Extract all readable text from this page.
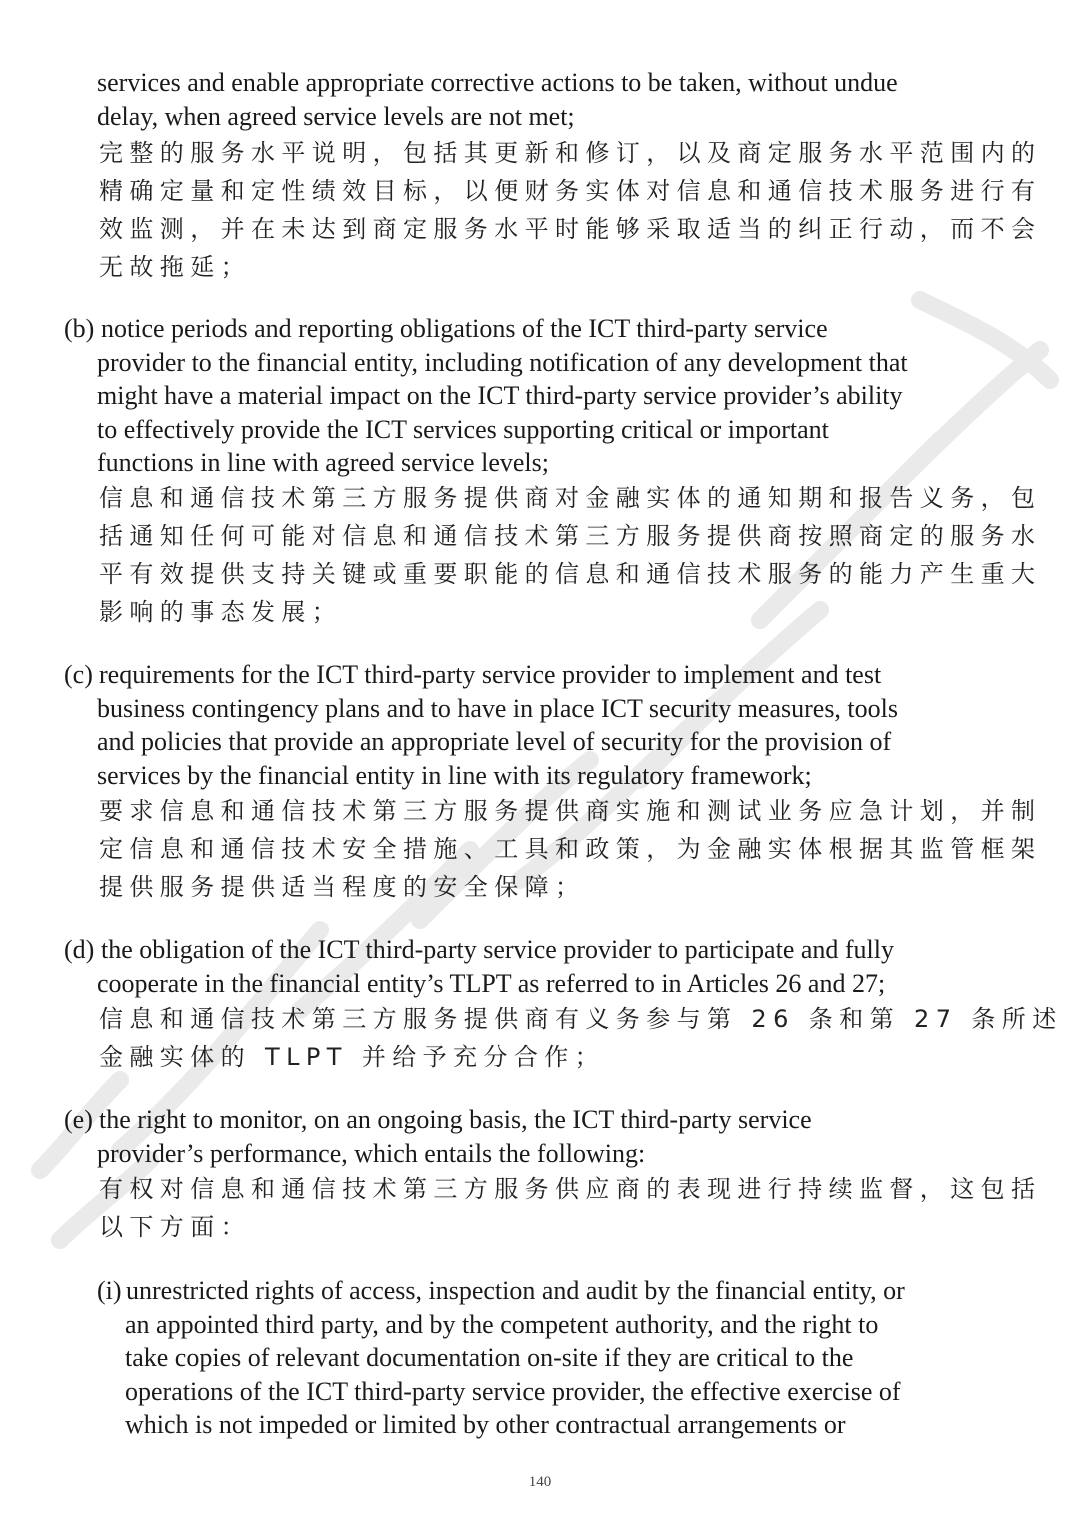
services and enable appropriate corrective actions to be taken, without undue
delay, when agreed service levels are not met;

完整的服务水平说明，包括其更新和修订，以及商定服务水平范围内的
精确定量和定性绩效目标，以便财务实体对信息和通信技术服务进行有
效监测，并在未达到商定服务水平时能够采取适当的纠正行动，而不会
无故拖延；

(b) notice periods and reporting obligations of the ICT third-party service

provider to the financial entity, including notification of any development that
might have a material impact on the ICT third-party service provider’s ability
to effectively provide the ICT services supporting critical or important
functions in line with agreed service levels;

信息和通信技术第三方服务提供商对金融实体的通知期和报告义务，包
括通知任何可能对信息和通信技术第三方服务提供商按照商定的服务水
平有效提供支持关键或重要职能的信息和通信技术服务的能力产生重大
影响的事态发展；

(c) requirements for the ICT third-party service provider to implement and test

business contingency plans and to have in place ICT security measures, tools
and policies that provide an appropriate level of security for the provision of
services by the financial entity in line with its regulatory framework;

要求信息和通信技术第三方服务提供商实施和测试业务应急计划，并制
定信息和通信技术安全措施、工具和政策，为金融实体根据其监管框架
提供服务提供适当程度的安全保障；

(d) the obligation of the ICT third-party service provider to participate and fully

cooperate in the financial entity’s TLPT as referred to in Articles 26 and 27;

信息和通信技术第三方服务提供商有义务参与第 26 条和第 27 条所述
金融实体的 TLPT 并给予充分合作；

(e) the right to monitor, on an ongoing basis, the ICT third-party service

provider’s performance, which entails the following:

有权对信息和通信技术第三方服务供应商的表现进行持续监督，这包括
以下方面：

(i) unrestricted rights of access, inspection and audit by the financial entity, or

an appointed third party, and by the competent authority, and the right to
take copies of relevant documentation on-site if they are critical to the
operations of the ICT third-party service provider, the effective exercise of
which is not impeded or limited by other contractual arrangements or

140
